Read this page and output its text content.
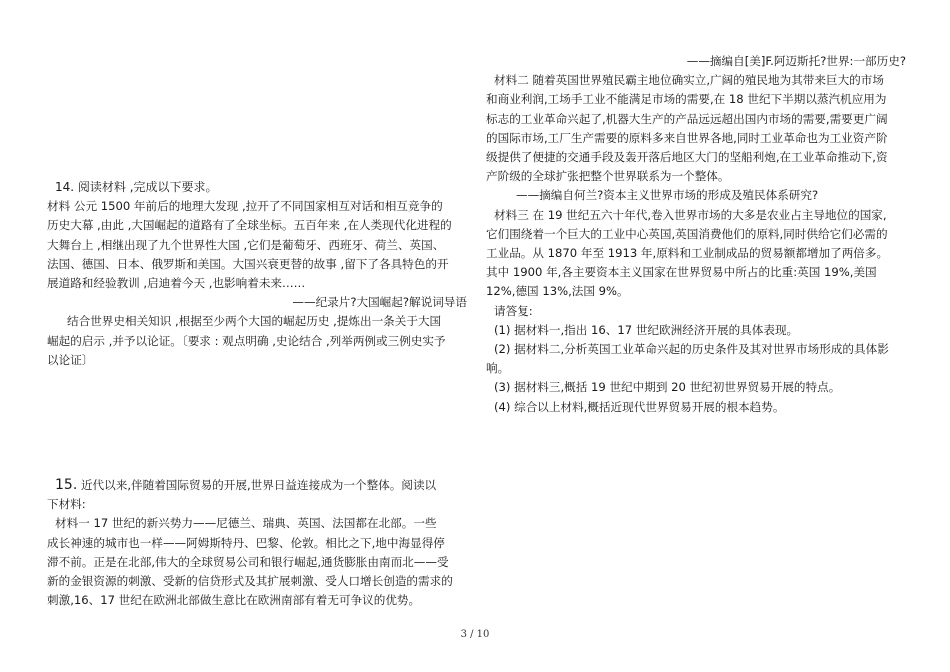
14. 阅读材料 ,完成以下要求。

材料 公元 1500 年前后的地理大发现 ,拉开了不同国家相互对话和相互竞争的

历史大幕 ,由此 ,大国崛起的道路有了全球坐标。五百年来 ,在人类现代化进程的

大舞台上 ,相继出现了九个世界性大国 ,它们是葡萄牙、西班牙、荷兰、英国、

法国、德国、日本、俄罗斯和美国。大国兴衰更替的故事 ,留下了各具特色的开

展道路和经验教训 ,启迪着今天 ,也影响着未来……

——纪录片?大国崛起?解说词导语

结合世界史相关知识 ,根据至少两个大国的崛起历史 ,提炼出一条关于大国

崛起的启示 ,并予以论证。〔要求 : 观点明确 ,史论结合 ,列举两例或三例史实予

以论证〕

15. 近代以来,伴随着国际贸易的开展,世界日益连接成为一个整体。阅读以

下材料:

材料一 17 世纪的新兴势力——尼德兰、瑞典、英国、法国都在北部。一些

成长神速的城市也一样——阿姆斯特丹、巴黎、伦敦。相比之下,地中海显得停

滞不前。正是在北部,伟大的全球贸易公司和银行崛起,通货膨胀由南而北——受

新的金银资源的刺激、受新的信贷形式及其扩展刺激、受人口增长创造的需求的

刺激,16、17 世纪在欧洲北部做生意比在欧洲南部有着无可争议的优势。

——摘编自[美]F.阿迈斯托?世界:一部历史?

材料二 随着英国世界殖民霸主地位确实立,广阔的殖民地为其带来巨大的市场

和商业利润,工场手工业不能满足市场的需要,在 18 世纪下半期以蒸汽机应用为

标志的工业革命兴起了,机器大生产的产品远远超出国内市场的需要,需要更广阔

的国际市场,工厂生产需要的原料多来自世界各地,同时工业革命也为工业资产阶

级提供了便捷的交通手段及轰开落后地区大门的坚船利炮,在工业革命推动下,资

产阶级的全球扩张把整个世界联系为一个整体。

——摘编自何兰?资本主义世界市场的形成及殖民体系研究?

材料三 在 19 世纪五六十年代,卷入世界市场的大多是农业占主导地位的国家,

它们围绕着一个巨大的工业中心英国,英国消费他们的原料,同时供给它们必需的

工业品。从 1870 年至 1913 年,原料和工业制成品的贸易额都增加了两倍多。

其中 1900 年,各主要资本主义国家在世界贸易中所占的比重:英国 19%,美国

12%,德国 13%,法国 9%。

请答复:

(1) 据材料一,指出 16、17 世纪欧洲经济开展的具体表现。

(2) 据材料二,分析英国工业革命兴起的历史条件及其对世界市场形成的具体影

响。

(3) 据材料三,概括 19 世纪中期到 20 世纪初世界贸易开展的特点。

(4) 综合以上材料,概括近现代世界贸易开展的根本趋势。

3 / 10
